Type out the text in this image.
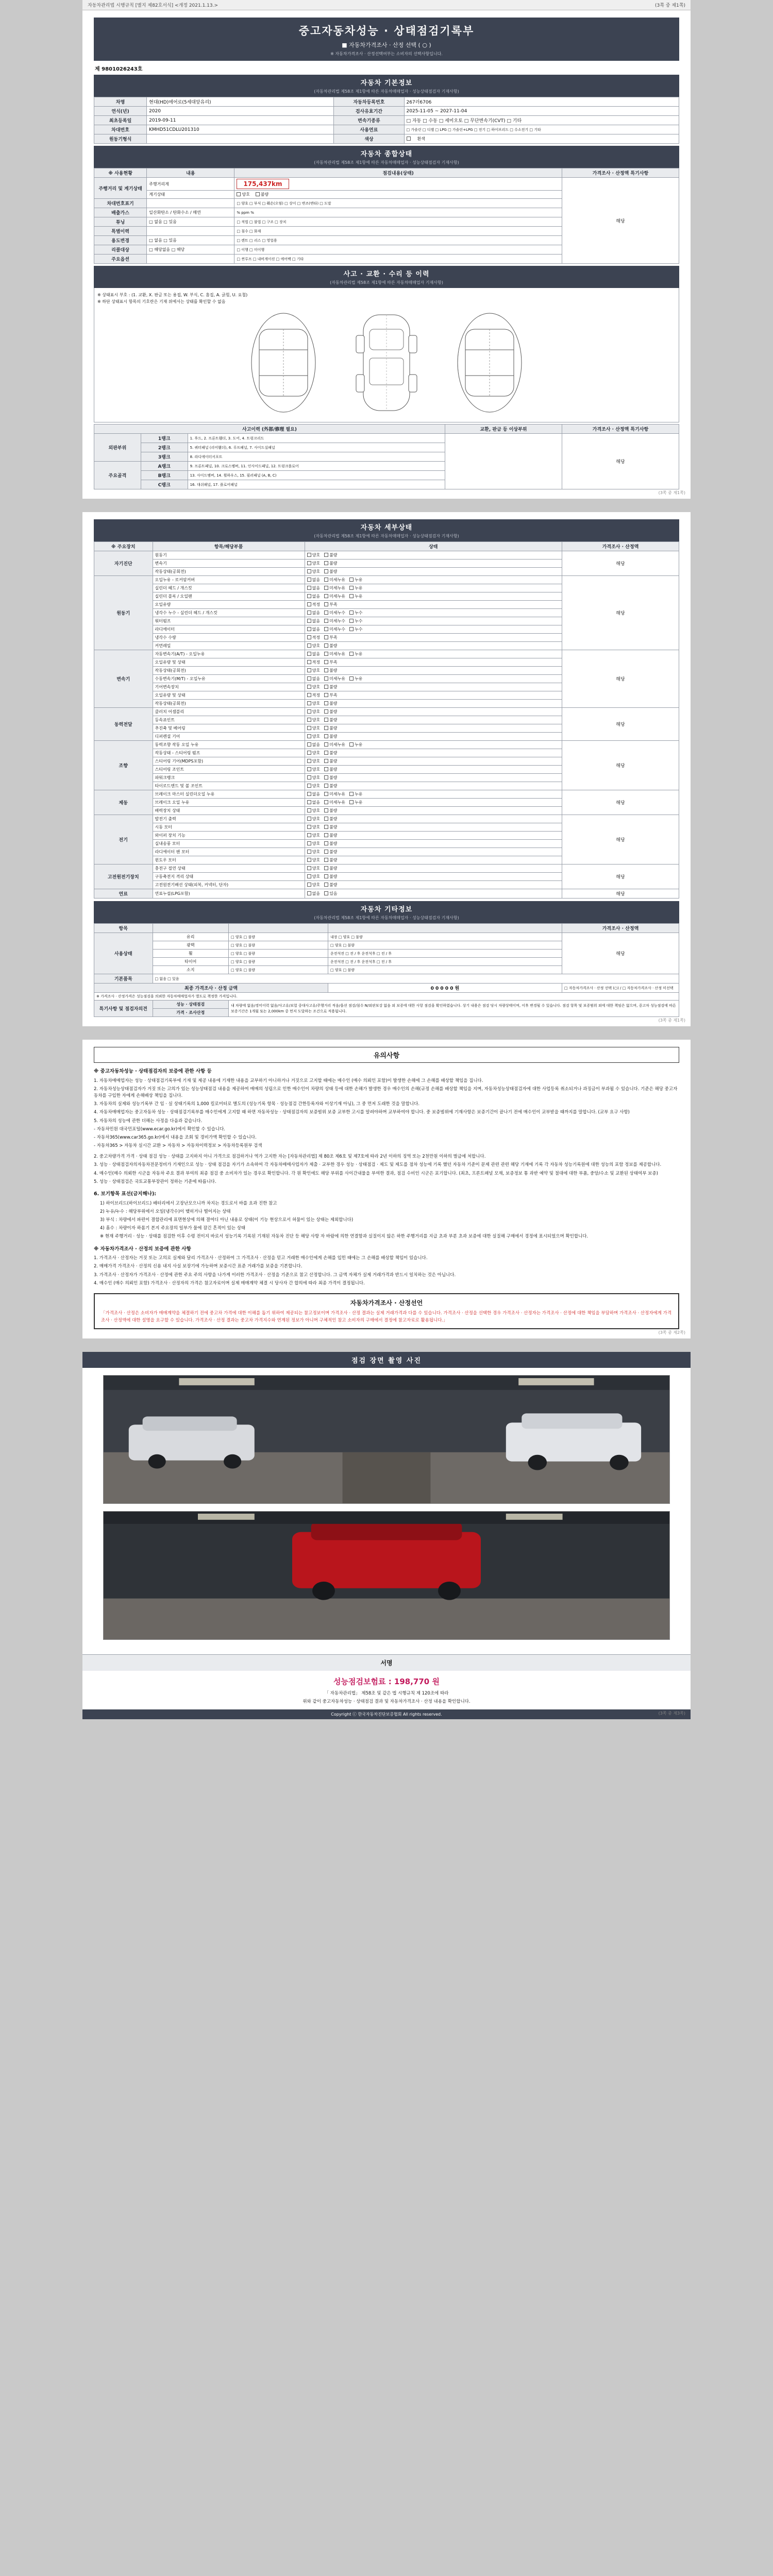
자동차관리법 시행규칙 [별지 제82호서식] <개정 2021.1.13.>	(3쪽 중 제1쪽)
중고자동차성능 · 상태점검기록부
■ 자동차가격조사 · 산정 선택 ( ○ )
※ 자동차가격조사 · 산정선택여부는 소비자의 선택사항입니다.
제 9801026243호
자동차 기본정보
(자동차관리법 제58조 제1항에 따른 자동차매매업자 · 성능상태점검자 기재사항)
차명	현대(HD)에어로(5세대앞유리)	자동차등록번호	267러6706
연식(년)	2020	검사유효기간	2025-11-05 ~ 2027-11-04
최초등록일	2019-09-11	변속기종류	□ 자동 □ 수동 □ 세미오토 □ 무단변속기(CVT) □ 기타
차대번호	KMHD51CDLU201310	사용연료	□ 가솔린 □ 디젤 □ LPG □ 가솔린+LPG □ 전기 □ 하이브리드 □ 수소전기 □ 기타
원동기형식		색상	흰색
자동차 종합상태
(자동차관리법 제58조 제1항에 따른 자동차매매업자 · 성능상태점검자 기재사항)
※ 사용현황	내용	점검내용(상태)	가격조사 · 산정액 특기사항
주행거리 및 계기상태	주행거리계	175,437km	해당
	계기상태	양호 불량	
차대번호표기		□ 양호 □ 부식 □ 훼손(오염) □ 상이 □ 변조(변타) □ 도말	
배출가스	일산화탄소 / 탄화수소 / 매연	% ppm %	
튜닝	□ 없음 □ 있음	□ 적법 □ 불법 □ 구조 □ 장치	
특별이력		□ 침수 □ 화재	
용도변경	□ 없음 □ 있음	□ 렌트 □ 리스 □ 영업용	
리콜대상	□ 해당없음 □ 해당	□ 이행 □ 미이행	
주요옵션		□ 썬루프 □ 내비게이션 □ 에어백 □ 기타	
사고 · 교환 · 수리 등 이력
(자동차관리법 제58조 제1항에 따른 자동차매매업자 기재사항)
※ 상태표시 부호 : (1. 교환, X. 판금 또는 용접, W. 부식, C. 흠집, A. 긁힘, U. 요철)
※ 하단 상태표시 항목의 기호란은 기재 위에서는 상태를 확인할 수 없음
사고이력 (外部/修理 필요)			교환, 판금 등 이상부위	가격조사 · 산정액 특기사항
외판부위	1랭크	1. 후드, 2. 프론트휀더, 3. 도어, 4. 트렁크리드		해당
	2랭크	5. 쿼터패널 (리어휀더), 6. 루프패널, 7. 사이드실패널		
	3랭크	8. 라디에이터서포트		
주요골격	A랭크	9. 프론트패널, 10. 크로스멤버, 11. 인사이드패널, 12. 트렁크플로어		
	B랭크	13. 사이드멤버, 14. 휠하우스, 15. 필러패널 (A, B, C)		
	C랭크	16. 대쉬패널, 17. 플로어패널		
(3쪽 중 제1쪽)
자동차 세부상태
(자동차관리법 제58조 제1항에 따른 자동차매매업자 · 성능상태점검자 기재사항)
※ 주요장치	항목/해당부품	상태	가격조사 · 산정액
자기진단	원동기	양호 불량	해당
	변속기	양호 불량	
	작동상태(공회전)	양호 불량	
원동기	오일누유 - 로커암커버	없음 미세누유 누유	해당
	실린더 헤드 / 개스킷	없음 미세누유 누유	
	실린더 블록 / 오일팬	없음 미세누유 누유	
	오일유량	적정 부족	
	냉각수 누수 - 실린더 헤드 / 개스킷	없음 미세누수 누수	
	워터펌프	없음 미세누수 누수	
	라디에이터	없음 미세누수 누수	
	냉각수 수량	적정 부족	
	커먼레일	양호 불량	
변속기	자동변속기(A/T) - 오일누유	없음 미세누유 누유	해당
	오일유량 및 상태	적정 부족	
	작동상태(공회전)	양호 불량	
	수동변속기(M/T) - 오일누유	없음 미세누유 누유	
	기어변속장치	양호 불량	
	오일유량 및 상태	적정 부족	
	작동상태(공회전)	양호 불량	
동력전달	클러치 어셈블리	양호 불량	해당
	등속죠인트	양호 불량	
	추진축 및 베어링	양호 불량	
	디퍼렌셜 기어	양호 불량	
조향	동력조향 작동 오일 누유	없음 미세누유 누유	해당
	작동상태 - 스티어링 펌프	양호 불량	
	스티어링 기어(MDPS포함)	양호 불량	
	스티어링 조인트	양호 불량	
	파워크랭크	양호 불량	
	타이로드엔드 및 볼 조인트	양호 불량	
제동	브레이크 마스터 실린더오일 누유	없음 미세누유 누유	해당
	브레이크 오일 누유	없음 미세누유 누유	
	배력장치 상태	양호 불량	
전기	발전기 출력	양호 불량	해당
	시동 모터	양호 불량	
	와이퍼 장치 기능	양호 불량	
	실내송풍 모터	양호 불량	
	라디에이터 팬 모터	양호 불량	
	윈도우 모터	양호 불량	
고전원전기장치	충전구 절연 상태	양호 불량	해당
	구동축전지 격리 상태	양호 불량	
	고전원전기배선 상태(피복, 커넥터, 단자)	양호 불량	
연료	연료누설(LPG포함)	없음 있음	해당
자동차 기타정보
(자동차관리법 제58조 제1항에 따른 자동차매매업자 · 성능상태점검자 기재사항)
항목				가격조사 · 산정액
사용상태	유리	□ 양호 □ 불량	내장 □ 양호 □ 불량	해당
	광택	□ 양호 □ 불량	□ 양호 □ 불량	
	휠	□ 양호 □ 불량	운전석전 □ 전 / 후 운전석후 □ 전 / 후	
	타이어	□ 양호 □ 불량	운전석전 □ 전 / 후 운전석후 □ 전 / 후	
	소지	□ 양호 □ 불량	□ 양호 □ 불량	
기본품목	□ 없음 □ 있음			
최종 가격조사 · 산정 금액			0 0 0 0 0 원	□ 자동차가격조사 · 산정 선택 (○) / □ 자동차가격조사 · 산정 미선택
※ 가격조사 · 산정가격은 성능점검을 의뢰한 자동차매매업자가 별도로 책정한 가격입니다.				
특기사항 및 점검자의견	성능 · 상태점검	내 차량에 없음/경미이력 없음/사고유/보험 중대사고유/주행거리 적음/옵션 점검/침수 N/외판보강 없음 외 보증에 대한 사항 점검을 확인하였습니다. 상기 내용은 점검 당시 차량상태이며, 이후 변경될 수 있습니다. 점검 항목 및 보증범위 외에 대한 책임은 없으며, 중고차 성능점검에 따른 보증기간은 1개월 또는 2,000km 중 먼저 도달하는 조건으로 적용됩니다.		
	가격 · 조사산정			
(3쪽 중 제1쪽)
유의사항
※ 중고자동차성능 · 상태점검자의 보증에 관한 사항 등

1. 자동차매매업자는 성능 · 상태점검기록부에 기재 및 제공 내용에 기재한 내용을 교부하기 아니하거나 거짓으로 고지할 때에는 매수인 (매수 의뢰인 포함)이 발생한 손해에 그 손해를 배상할 책임을 집니다.

2. 자동차성능상태점검자가 거짓 또는 고의가 있는 성능상태점검 내용을 제공하여 매매의 성립으로 인한 매수인이 차량의 상태 등에 대한 손해가 발생한 경우 매수인의 손해(규정 손해를 배상할 책임을 지며, 자동차성능상태점검자에 대한 사업등록 취소되거나 과징금이 부과될 수 있습니다. 기준은 해당 중고자동차를 구입한 자에게 손해배상 책임을 집니다.

3. 자동차의 실제와 성능기록부 간 임 · 실 상태기록의 1,000 킬로미터로 별도의 (성능기록 항목 · 성능점검 간한등록자와 이상기재 아님), 그 중 먼저 도래한 것을 말합니다.

4. 자동차매매업자는 중고자동차 성능 · 상태점검기록부를 매수인에게 고지할 때 하면 자동차성능 · 상태점검자의 보증범위 보증 교부한 고시를 알려야하며 교부하여야 합니다. 중 보증범위에 기재사항은 보증기간이 끝나기 전에 매수인이 교부받을 때까지를 말합니다. (교부 요구 사항)

5. 자동차의 성능에 관한 더해는 사정을 다음과 같습니다.

- 자동차민원 대국민포털(www.ecar.go.kr)에서 확인할 수 있습니다.

- 자동차365(www.car365.go.kr)에서 내용을 조회 및 경비가액 확인할 수 있습니다.

- 자동차365 > 자동차 실시간 교환 > 자동차 > 자동차이력정보 > 자동차등록원부 검색

2. 중고차량가격 가격 · 상태 점검 성능 · 상태를 고지하지 아니 가격으로 점검하거나 역가 고지한 자는 [자동차관리법] 제 80조 제6호 및 제7호에 따라 2년 이하의 징역 또는 2천만원 이하의 벌금에 처합니다.

3. 성능 · 상태점검자의자동차전문정비가 기재인으로 성능 · 상태 점검을 자기가 소속하여 각 자동차매매사업자가 제출 · 교부한 경우 성능 · 상태점검 · 제도 및 제도를 점차 성능에 기록 했던 자동차 기준이 문제 관련 관련 해당 기재에 기록 각 자동차 성능기록원에 대한 성능의 포함 정보를 제공합니다.

4. 매수인(매수 의뢰한 시군을 자동차 주요 결과 부여의 최종 점검 중 소비자가 있는 경우로 확인합니다. 각 원 확인에도 해당 부위를 사이간내물을 부여한 결과, 점검 수비인 시군은 포기합니다. (최초, 프론트패널 모재, 보증정보 통 과반 예약 및 절대에 대한 부품, 중앙/수소 및 교환된 상태여부 보증)

5. 성능 · 상태점검은 국토교통부장관이 정하는 기준에 따릅니다.

6. 보기항목 표선(금지해나):

1) 하이브리드(하이브리드) 배터리에서 고장난모으니까 차지는 경도로서 바를 요과 진한 참고

2) 누유/누수 : 해당부위에서 오일(냉각수)이 맺히거나 떨어지는 상태

3) 부식 : 차량에서 파편이 결합관리에 표면현상에 의해 결여디 아닌 내용로 상태(이 기능 현상으로서 허물이 있는 상태는 제외합니다)

4) 흠수 : 차량이자 하몸기 본지 주요장의 일부가 물에 잠긴 흔적이 있는 상태

※ 현재 주행거리 · 성능 · 상태를 점검한 이후 수령 전이지 바로서 성능기록 기록된 기재된 자동차 진단 등 해당 사항 자 바람에 의한 연결함과 실질이지 않은 하한 주행거리를 지급 초과 부분 초과 보증에 대한 실질해 구매에서 경정에 표시되었으며 확인합니다.

※ 자동차가격조사 · 산정의 보증에 관한 사항

1. 가격조사 · 산정자는 거짓 또는 고의로 실제와 달리 가격조사 · 산정하여 그 가격조사 · 산정을 믿고 거래한 매수인에게 손해를 입힌 때에는 그 손해를 배상할 책임이 있습니다.

2. 매매가격 가격조사 · 산정의 신용 내지 사실 보장기에 가능하며 보증시간 표준 거래가를 보증을 기본합니다.

3. 가격조사 · 산정자가 가격조사 · 산정에 관한 주요 주의 사항을 나가게 이러한 가격조사 · 산정을 기준으로 참고 산정합니다. 그 금액 자체가 실제 거래가격과 반드시 일치하는 것은 아닙니다.

4. 매수인 (매수 의뢰인 포함) 가격조사 · 산정자의 가격은 참고자료이며 실제 매매계약 체결 시 당사자 간 합의에 따라 최종 가격이 결정됩니다.

자동차가격조사 · 산정선언
「가격조사 · 산정은 소비자가 매매계약을 체결하기 전에 중고차 가격에 대한 이해를 돕기 위하여 제공되는 참고정보이며 가격조사 · 산정 결과는 실제 거래가격과 다를 수 있습니다. 가격조사 · 산정을 선택한 경우 가격조사 · 산정자는 가격조사 · 산정에 대한 책임을 부담하며 가격조사 · 산정자에게 가격조사 · 산정액에 대한 설명을 요구할 수 있습니다. 가격조사 · 산정 결과는 중고차 가격지수와 연계된 정보가 아니며 구체적인 참고 소비자의 구매에서 결정에 참고자료로 활용됩니다.」
(3쪽 중 제2쪽)
점검 장면 촬영 사진
서명
성능점검보험료 : 198,770 원
「 자동차관리법」 제58조 및 같은 법 시행규칙 제 120조에 따라
위와 같이 중고자동차성능 · 상태점검 결과 및 자동차가격조사 · 산정 내용을 확인합니다.
Copyright ⓒ 한국자동차진단보증협회 All rights reserved.	(3쪽 중 제3쪽)
